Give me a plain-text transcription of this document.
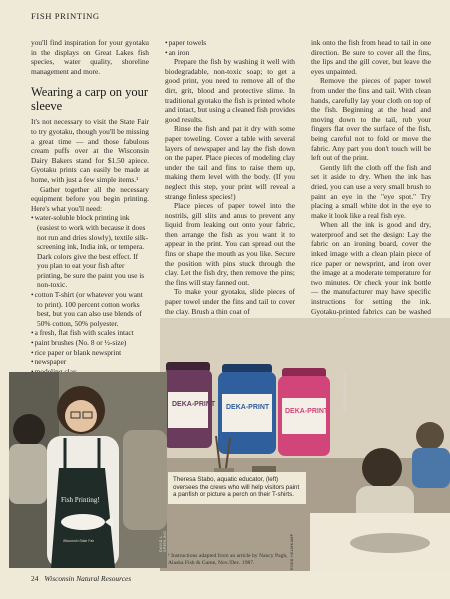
FISH PRINTING

you'll find inspiration for your gyotaku in the displays on Great Lakes fish species, water quality, shoreline management and more.

Wearing a carp on your sleeve

It's not necessary to visit the State Fair to try gyotaku, though you'll be missing a great time — and those fabulous cream puffs over at the Wisconsin Dairy Bakers stand for $1.50 apiece. Gyotaku prints can easily be made at home, with just a few simple items.¹

Gather together all the necessary equipment before you begin printing. Here's what you'll need:

• water-soluble block printing ink (easiest to work with because it does not run and dries slowly), textile silk-screening ink, India ink, or tempera. Dark colors give the best effect. If you plan to eat your fish after printing, be sure the paint you use is non-toxic.
• cotton T-shirt (or whatever you want to print). 100 percent cotton works best, but you can also use blends of 50% cotton, 50% polyester.
• a fresh, flat fish with scales intact
• paint brushes (No. 8 or ½-size)
• rice paper or blank newsprint
• newspaper
•
•
• paper towels
• an iron

Prepare the fish by washing it well with biodegradable, non-toxic soap; to get a good print, you need to remove all of the dirt, grit, blood and protective slime. In traditional gyotaku the fish is printed whole and intact, but using a cleaned fish provides good results.

Rinse the fish and pat it dry with some paper toweling. Cover a table with several layers of newspaper and lay the fish down on the paper. Place pieces of modeling clay under the tail and fins to raise them up, making them level with the body. (If you neglect this step, your print will reveal a strange finless species!)

Place pieces of paper towel into the nostrils, gill slits and anus to prevent any liquid from leaking out onto your fabric, then arrange the fish as you want it to appear in the print. You can spread out the fins or shape the mouth as you like. Secure the position with pins stuck through the clay. Let the fish dry, then remove the pins; the fins will stay fanned out.

To make your gyotaku, slide pieces of paper towel under the fins and tail to cover the clay. Brush a thin coat of

ink onto the fish from head to tail in one direction. Be sure to cover all the fins, the lips and the gill cover, but leave the eyes unpainted.

Remove the pieces of paper towel from under the fins and tail. With clean hands, carefully lay your cloth on top of the fish. Beginning at the head and moving down to the tail, rub your fingers flat over the surface of the fish, being careful not to fold or move the fabric. Any part you don't touch will be left out of the print.

Gently lift the cloth off the fish and set it aside to dry. When the ink has dried, you can use a very small brush to paint an eye in the "eye spot." Try placing a small white dot in the eye to make it look like a real fish eye.

When all the ink is good and dry, waterproof and set the design: Lay the fabric on an ironing board, cover the inked image with a clean plain piece of rice paper or newsprint, and iron over the image at a moderate temperature for two minutes. Or check your ink bottle — the manufacturer may have specific instructions for setting the ink. Gyotaku-printed fabrics can be washed

DEKA-PRINT DEKA-PRINT
DEKA-PRINT
ROBB HELMKAMP
ROBB HELMKAMP
Fish Printing!
Wisconsin State Fair	DAVID L. SPERLING
Theresa Stabo, aquatic educator, (left) oversees the crews who will help visitors paint a panfish or picture a perch on their T-shirts.
¹ Instructions adapted from an article by Nancy Pagh, Alaska Fish & Game, Nov./Dec. 1987.
24 Wisconsin Natural Resources
